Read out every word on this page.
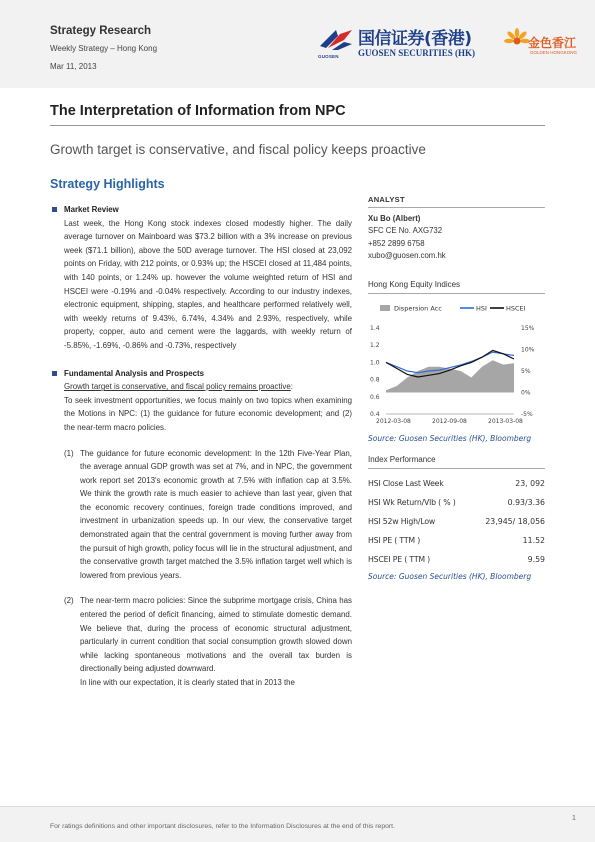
Strategy Research
Weekly Strategy – Hong Kong
Mar 11, 2013
GUOSEN
国信证券(香港)
GUOSEN SECURITIES (HK)
金色香江
GOLDEN HONGKONG
The Interpretation of Information from NPC
Growth target is conservative, and fiscal policy keeps proactive
Strategy Highlights
Market Review
Last week, the Hong Kong stock indexes closed modestly higher. The daily average turnover on Mainboard was $73.2 billion with a 3% increase on previous week ($71.1 billion), above the 50D average turnover. The HSI closed at 23,092 points on Friday, with 212 points, or 0.93% up; the HSCEI closed at 11,484 points, with 140 points, or 1.24% up. however the volume weighted return of HSI and HSCEI were -0.19% and -0.04% respectively. According to our industry indexes, electronic equipment, shipping, staples, and healthcare performed relatively well, with weekly returns of 9.43%, 6.74%, 4.34% and 2.93%, respectively, while property, copper, auto and cement were the laggards, with weekly return of -5.85%, -1.69%, -0.86% and -0.73%, respectively
Fundamental Analysis and Prospects
Growth target is conservative, and fiscal policy remains proactive:
To seek investment opportunities, we focus mainly on two topics when examining the Motions in NPC: (1) the guidance for future economic development; and (2) the near-term macro policies.
(1) The guidance for future economic development: In the 12th Five-Year Plan, the average annual GDP growth was set at 7%, and in NPC, the government work report set 2013's economic growth at 7.5% with inflation cap at 3.5%. We think the growth rate is much easier to achieve than last year, given that the economic recovery continues, foreign trade conditions improved, and investment in urbanization speeds up. In our view, the conservative target demonstrated again that the central government is moving further away from the pursuit of high growth, policy focus will lie in the structural adjustment, and the conservative growth target matched the 3.5% inflation target well which is lowered from previous years.
(2) The near-term macro policies: Since the subprime mortgage crisis, China has entered the period of deficit financing, aimed to stimulate domestic demand. We believe that, during the process of economic structural adjustment, particularly in current condition that social consumption growth slowed down while lacking spontaneous motivations and the overall tax burden is directionally being adjusted downward.
In line with our expectation, it is clearly stated that in 2013 the
ANALYST
Xu Bo (Albert)
SFC CE No. AXG732
+852 2899 6758
xubo@guosen.com.hk
Hong Kong Equity Indices
Dispersion Acc	HSI	HSCEI
1.4
1.2
1.0
0.8
0.6
0.4
15%
10%
5%
0%
-5%
2012-03-08	2012-09-08	2013-03-08
Source: Guosen Securities (HK), Bloomberg
Index Performance
HSI Close Last Week	23, 092
HSI Wk Return/Vlb ( % )	0.93/3.36
HSI 52w High/Low	23,945/ 18,056
HSI PE ( TTM )	11.52
HSCEI PE ( TTM )	9.59
Source: Guosen Securities (HK), Bloomberg
1
For ratings definitions and other important disclosures, refer to the Information Disclosures at the end of this report.
